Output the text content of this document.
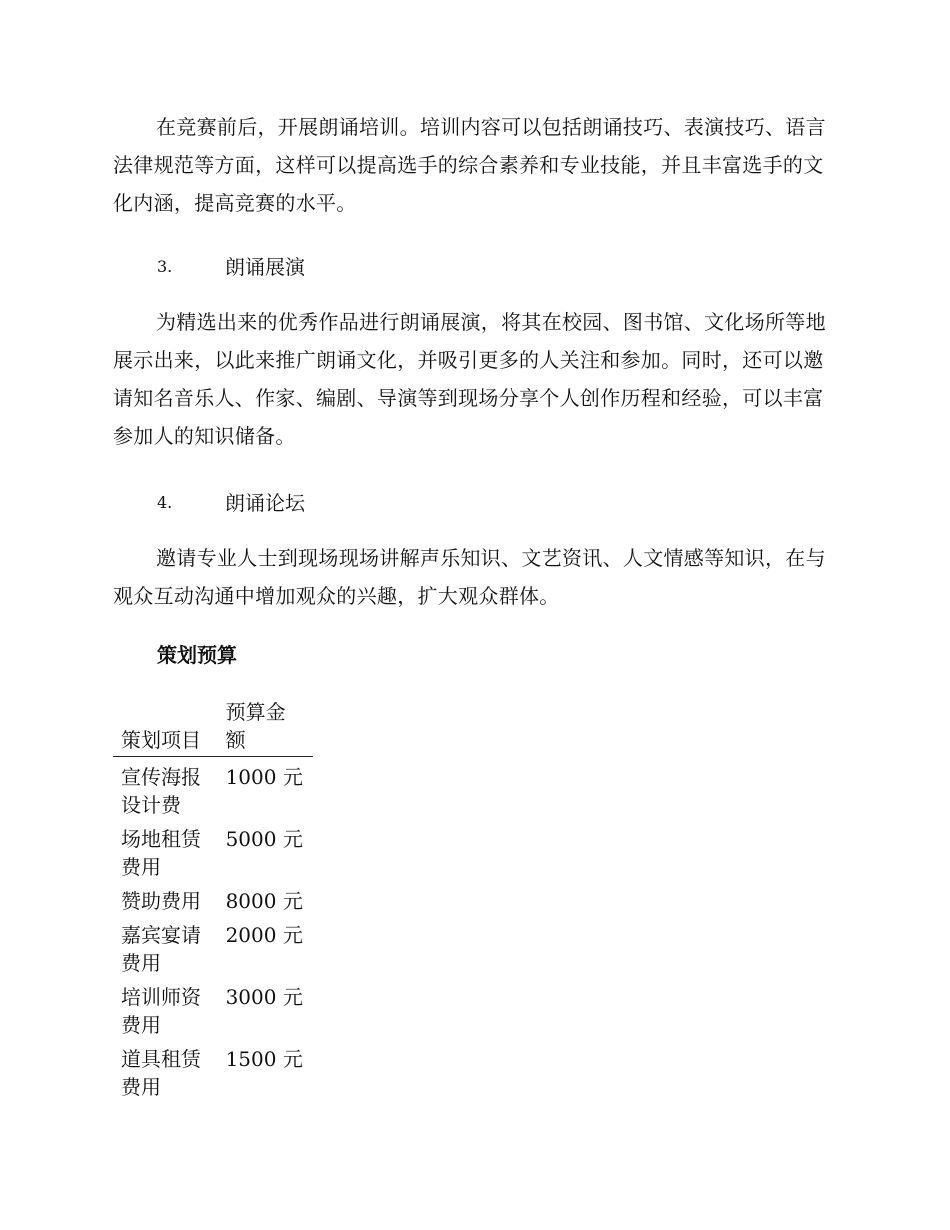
在竞赛前后，开展朗诵培训。培训内容可以包括朗诵技巧、表演技巧、语言法律规范等方面，这样可以提高选手的综合素养和专业技能，并且丰富选手的文化内涵，提高竞赛的水平。

3.	朗诵展演

为精选出来的优秀作品进行朗诵展演，将其在校园、图书馆、文化场所等地展示出来，以此来推广朗诵文化，并吸引更多的人关注和参加。同时，还可以邀请知名音乐人、作家、编剧、导演等到现场分享个人创作历程和经验，可以丰富参加人的知识储备。

4.	朗诵论坛

邀请专业人士到现场现场讲解声乐知识、文艺资讯、人文情感等知识，在与观众互动沟通中增加观众的兴趣，扩大观众群体。

策划预算
策划项目	预算金额
宣传海报设计费	1000 元
场地租赁费用	5000 元
赞助费用	8000 元
嘉宾宴请费用	2000 元
培训师资费用	3000 元
道具租赁费用	1500 元
